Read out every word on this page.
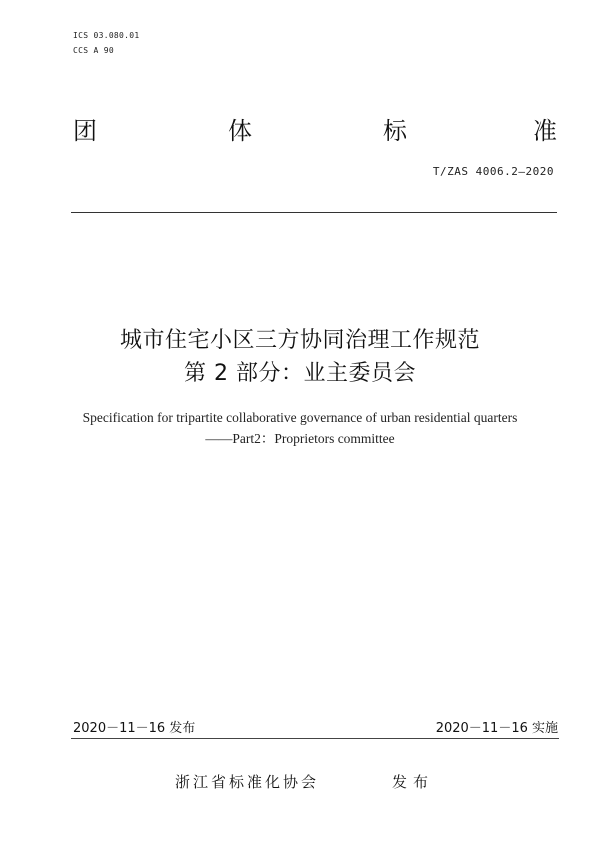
ICS 03.080.01
CCS A 90
团	体	标	准
T/ZAS 4006.2—2020
城市住宅小区三方协同治理工作规范
第 2 部分：业主委员会
Specification for tripartite collaborative governance of urban residential quarters
——Part2：Proprietors committee
2020－11－16 发布	2020－11－16 实施
浙江省标准化协会	发布
